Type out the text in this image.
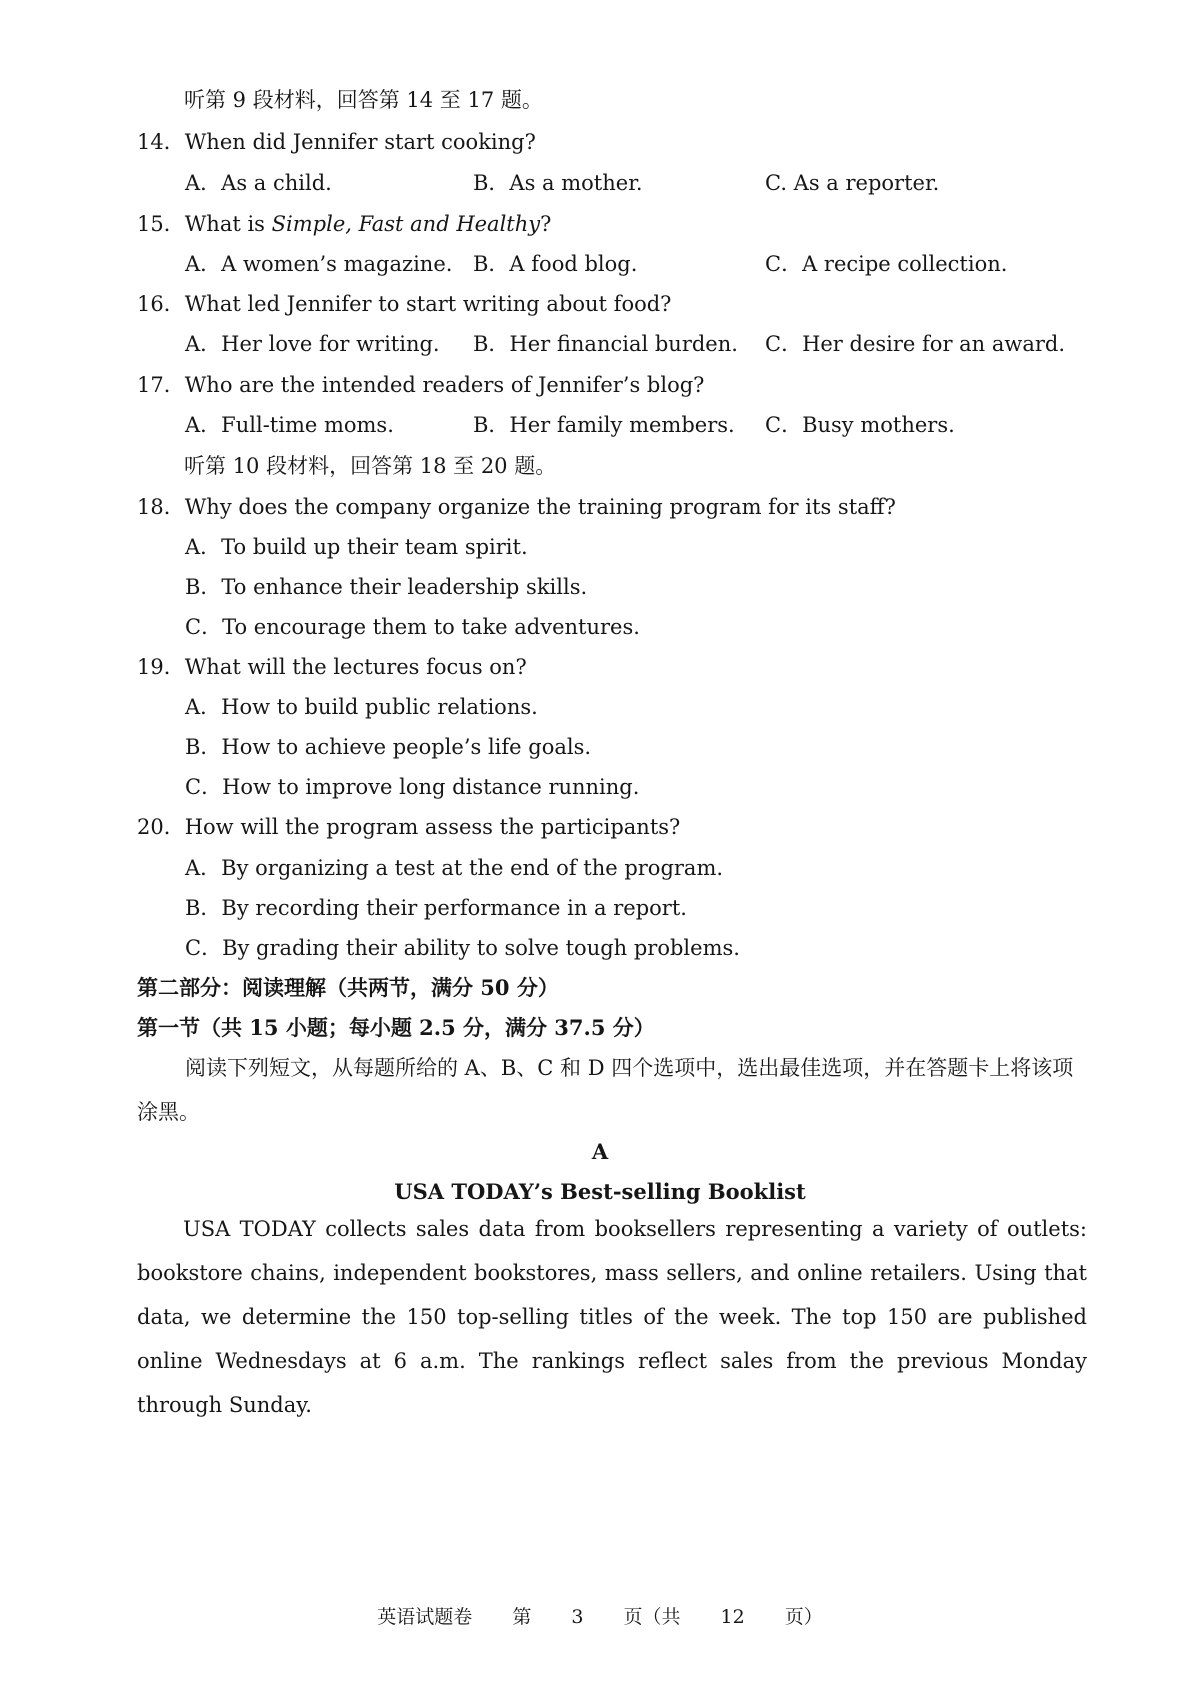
听第 9 段材料，回答第 14 至 17 题。
14．When did Jennifer start cooking?
A．As a child.	B．As a mother.	C. As a reporter.
15．What is Simple, Fast and Healthy?
A．A women’s magazine. B．A food blog.	C．A recipe collection.
16．What led Jennifer to start writing about food?
A．Her love for writing. B．Her financial burden. C．Her desire for an award.
17．Who are the intended readers of Jennifer’s blog?
A．Full-time moms.	B．Her family members. C．Busy mothers.
听第 10 段材料，回答第 18 至 20 题。
18．Why does the company organize the training program for its staff?
A．To build up their team spirit.
B．To enhance their leadership skills.
C．To encourage them to take adventures.
19．What will the lectures focus on?
A．How to build public relations.
B．How to achieve people’s life goals.
C．How to improve long distance running.
20．How will the program assess the participants?
A．By organizing a test at the end of the program.
B．By recording their performance in a report.
C．By grading their ability to solve tough problems.
第二部分：阅读理解（共两节，满分 50 分）
第一节（共 15 小题；每小题 2.5 分，满分 37.5 分）
阅读下列短文，从每题所给的 A、B、C 和 D 四个选项中，选出最佳选项，并在答题卡上将该项涂黑。
A
USA TODAY’s Best-selling Booklist
USA TODAY collects sales data from booksellers representing a variety of outlets: bookstore chains, independent bookstores, mass sellers, and online retailers. Using that data, we determine the 150 top-selling titles of the week. The top 150 are published online Wednesdays at 6 a.m. The rankings reflect sales from the previous Monday through Sunday.
英语试题卷 第 3 页（共 12 页）
